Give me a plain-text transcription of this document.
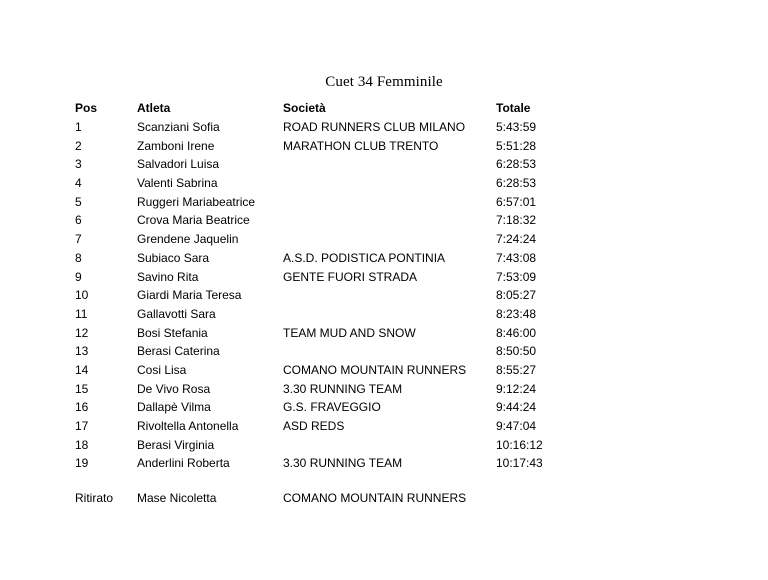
Cuet 34 Femminile
Pos	Atleta	Società	Totale
1	Scanziani Sofia	ROAD RUNNERS CLUB MILANO	5:43:59
2	Zamboni Irene	MARATHON CLUB TRENTO	5:51:28
3	Salvadori Luisa		6:28:53
4	Valenti Sabrina		6:28:53
5	Ruggeri Mariabeatrice		6:57:01
6	Crova Maria Beatrice		7:18:32
7	Grendene Jaquelin		7:24:24
8	Subiaco Sara	A.S.D. PODISTICA PONTINIA	7:43:08
9	Savino Rita	GENTE FUORI STRADA	7:53:09
10	Giardi Maria Teresa		8:05:27
11	Gallavotti Sara		8:23:48
12	Bosi Stefania	TEAM MUD AND SNOW	8:46:00
13	Berasi Caterina		8:50:50
14	Cosi Lisa	COMANO MOUNTAIN RUNNERS	8:55:27
15	De Vivo Rosa	3.30 RUNNING TEAM	9:12:24
16	Dallapè Vilma	G.S. FRAVEGGIO	9:44:24
17	Rivoltella Antonella	ASD REDS	9:47:04
18	Berasi Virginia		10:16:12
19	Anderlini Roberta	3.30 RUNNING TEAM	10:17:43

Ritirato	Mase Nicoletta	COMANO MOUNTAIN RUNNERS	
